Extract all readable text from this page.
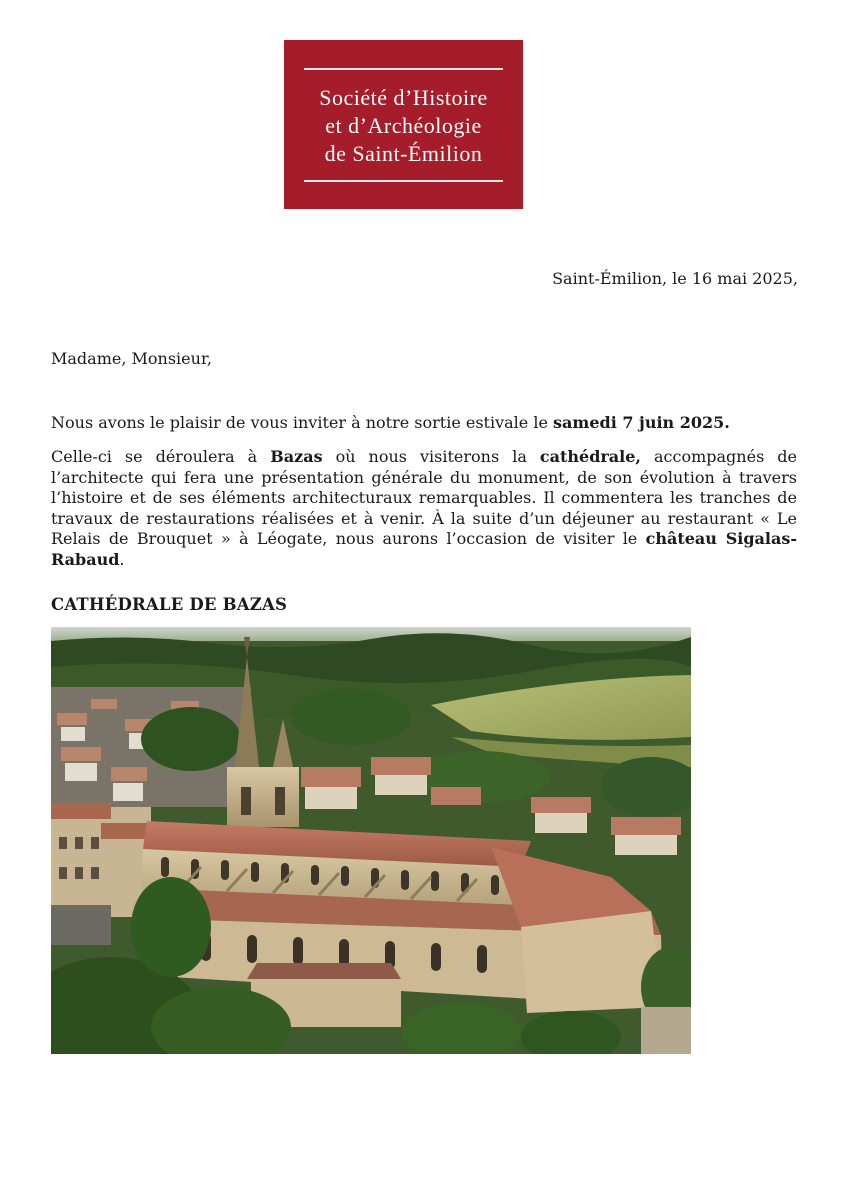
Société d’Histoire
et d’Archéologie
de Saint-Émilion
Saint-Émilion, le 16 mai 2025,
Madame, Monsieur,

Nous avons le plaisir de vous inviter à notre sortie estivale le samedi 7 juin 2025.

Celle-ci se déroulera à Bazas où nous visiterons la cathédrale, accompagnés de l’architecte qui fera une présentation générale du monument, de son évolution à travers l’histoire et de ses éléments architecturaux remarquables. Il commentera les tranches de travaux de restaurations réalisées et à venir. À la suite d’un déjeuner au restaurant « Le Relais de Brouquet » à Léogate, nous aurons l’occasion de visiter le château Sigalas-Rabaud.

CATHÉDRALE DE BAZAS
